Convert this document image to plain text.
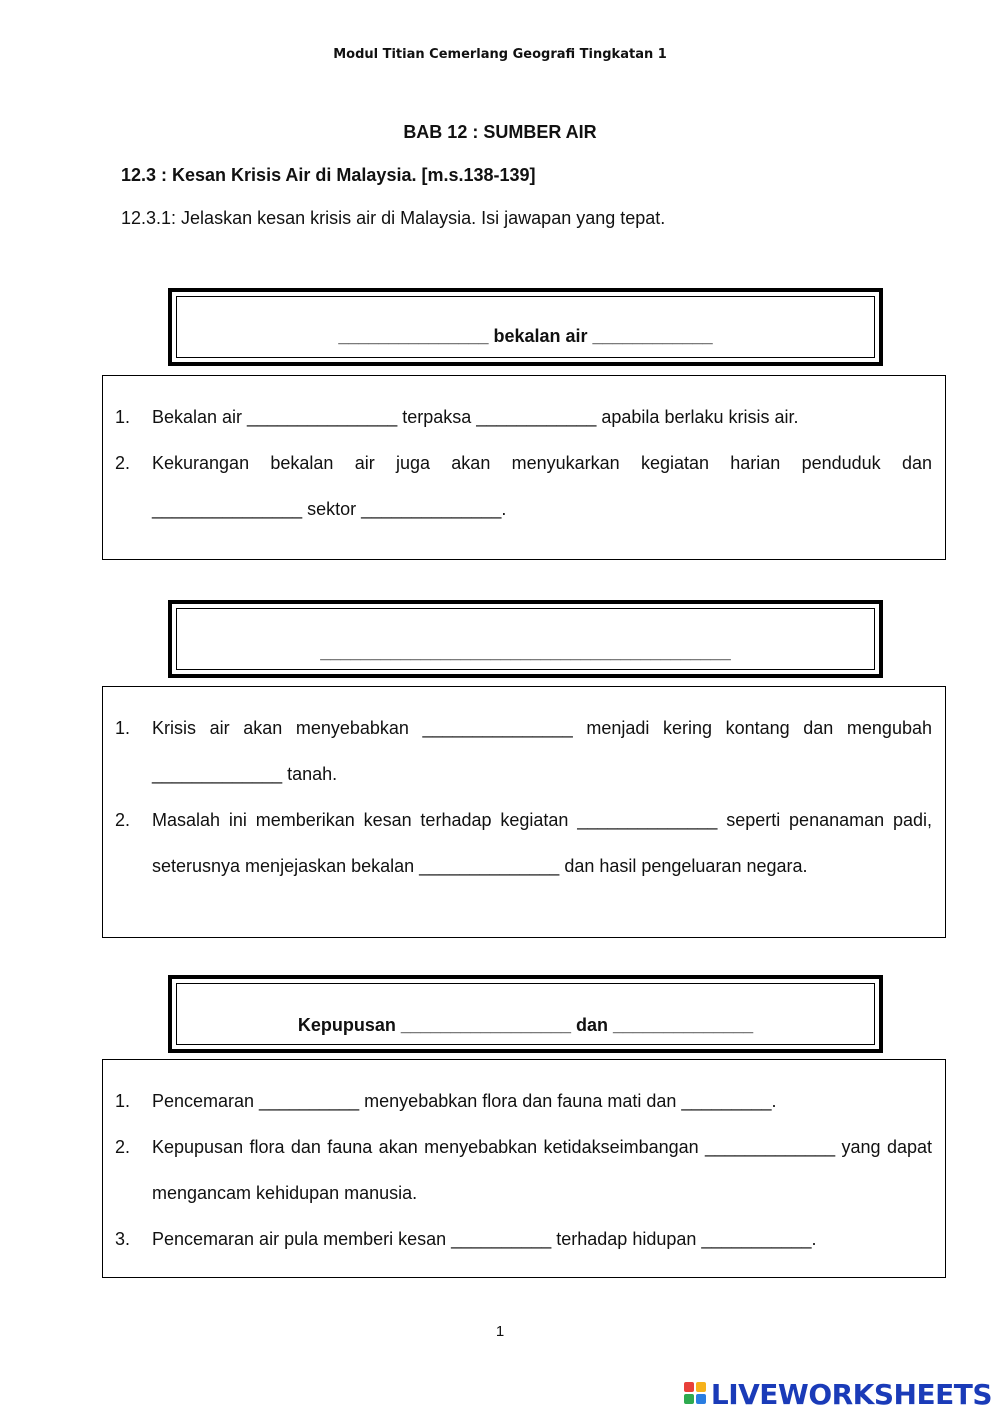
Modul Titian Cemerlang Geografi Tingkatan 1
BAB 12 : SUMBER AIR
12.3 : Kesan Krisis Air di Malaysia. [m.s.138-139]
12.3.1: Jelaskan kesan krisis air di Malaysia. Isi jawapan yang tepat.
_______________ bekalan air ____________
1. Bekalan air _______________ terpaksa ____________ apabila berlaku krisis air.
2. Kekurangan bekalan air juga akan menyukarkan kegiatan harian penduduk dan _______________ sektor ______________.
_________________________________________
1. Krisis air akan menyebabkan _______________ menjadi kering kontang dan mengubah _____________ tanah.
2. Masalah ini memberikan kesan terhadap kegiatan ______________ seperti penanaman padi, seterusnya menjejaskan bekalan ______________ dan hasil pengeluaran negara.
Kepupusan _________________ dan ______________
1. Pencemaran __________ menyebabkan flora dan fauna mati dan _________.
2. Kepupusan flora dan fauna akan menyebabkan ketidakseimbangan _____________ yang dapat mengancam kehidupan manusia.
3. Pencemaran air pula memberi kesan __________ terhadap hidupan ___________.
1
LIVEWORKSHEETS
